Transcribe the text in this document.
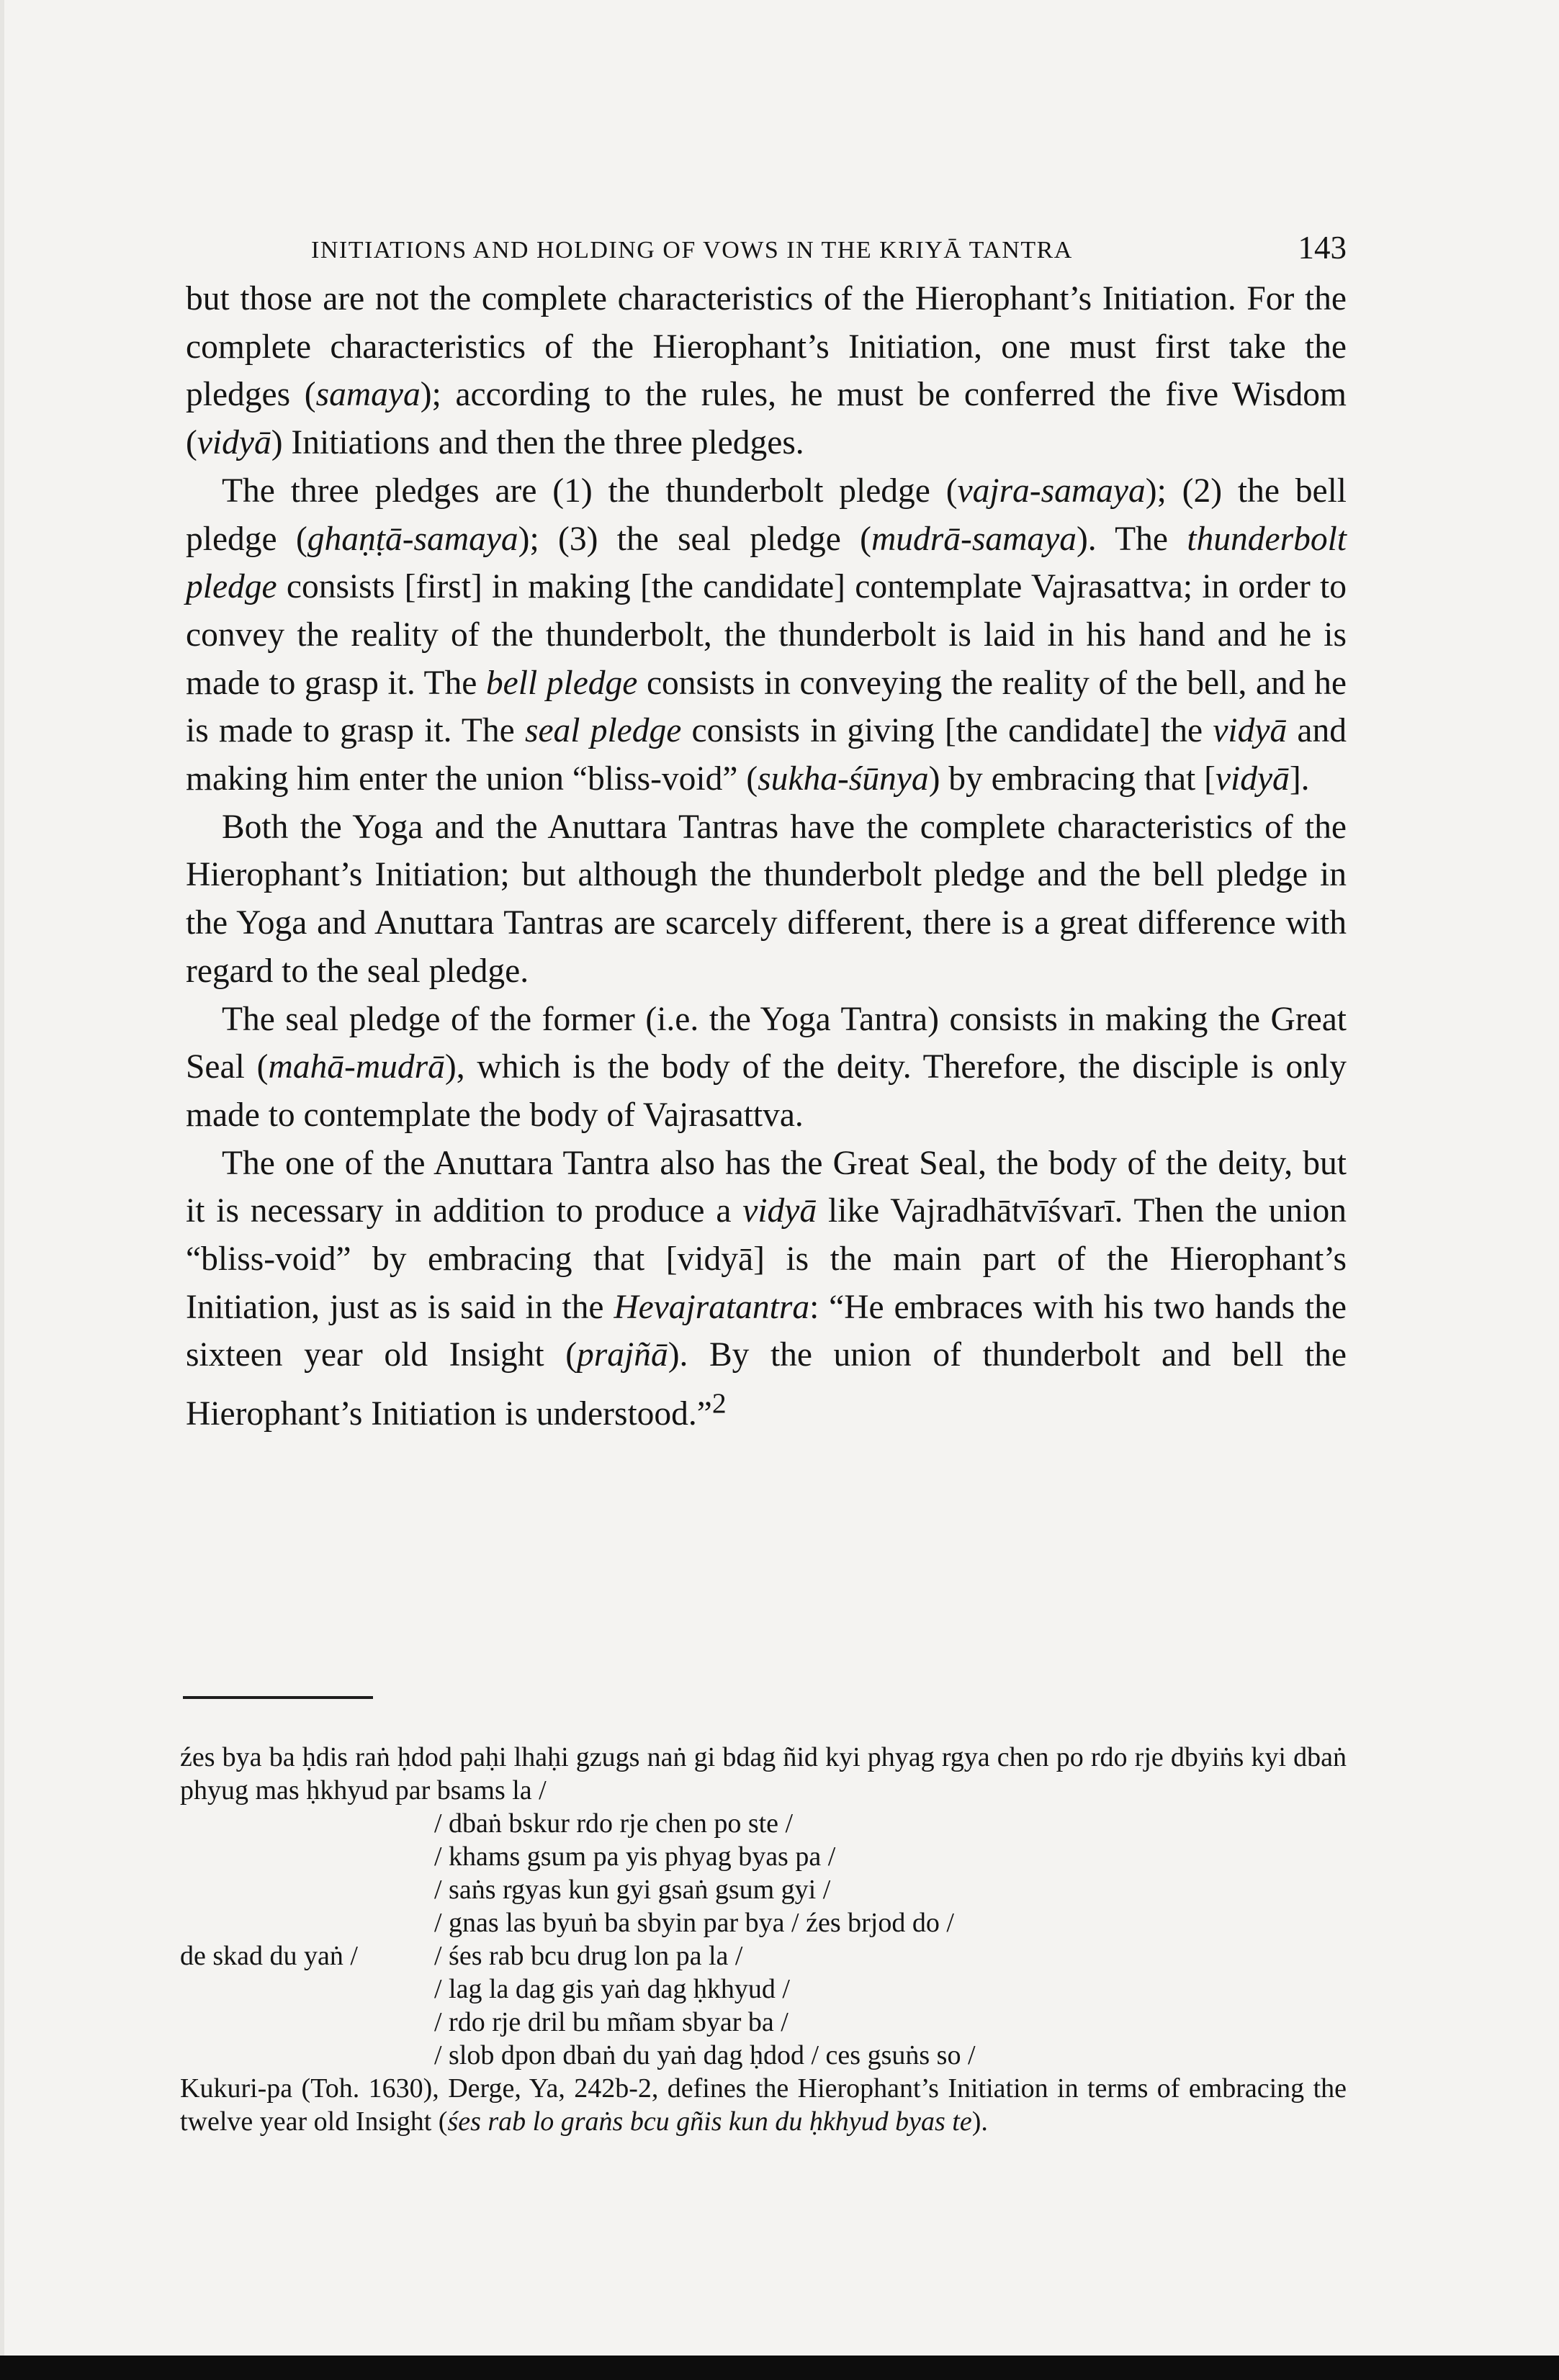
INITIATIONS AND HOLDING OF VOWS IN THE KRIYĀ TANTRA	143

but those are not the complete characteristics of the Hierophant’s Initiation. For the complete characteristics of the Hierophant’s Initiation, one must first take the pledges (samaya); according to the rules, he must be conferred the five Wisdom (vidyā) Initiations and then the three pledges.

The three pledges are (1) the thunderbolt pledge (vajra-samaya); (2) the bell pledge (ghaṇṭā-samaya); (3) the seal pledge (mudrā-samaya). The thunderbolt pledge consists [first] in making [the candidate] contemplate Vajrasattva; in order to convey the reality of the thunderbolt, the thunderbolt is laid in his hand and he is made to grasp it. The bell pledge consists in conveying the reality of the bell, and he is made to grasp it. The seal pledge consists in giving [the candidate] the vidyā and making him enter the union “bliss-void” (sukha-śūnya) by embracing that [vidyā].

Both the Yoga and the Anuttara Tantras have the complete characteristics of the Hierophant’s Initiation; but although the thunderbolt pledge and the bell pledge in the Yoga and Anuttara Tantras are scarcely different, there is a great difference with regard to the seal pledge.

The seal pledge of the former (i.e. the Yoga Tantra) consists in making the Great Seal (mahā-mudrā), which is the body of the deity. Therefore, the disciple is only made to contemplate the body of Vajrasattva.

The one of the Anuttara Tantra also has the Great Seal, the body of the deity, but it is necessary in addition to produce a vidyā like Vajradhātvīśvarī. Then the union “bliss-void” by embracing that [vidyā] is the main part of the Hierophant’s Initiation, just as is said in the Hevajratantra: “He embraces with his two hands the sixteen year old Insight (prajñā). By the union of thunderbolt and bell the Hierophant’s Initiation is understood.”$^2$

źes bya ba ḥdis raṅ ḥdod paḥi lhaḥi gzugs naṅ gi bdag ñid kyi phyag rgya chen po rdo rje dbyiṅs kyi dbaṅ phyug mas ḥkhyud par bsams la /
/ dbaṅ bskur rdo rje chen po ste /
/ khams gsum pa yis phyag byas pa /
/ saṅs rgyas kun gyi gsaṅ gsum gyi /
/ gnas las byuṅ ba sbyin par bya / źes brjod do /
de skad du yaṅ /	/ śes rab bcu drug lon pa la /
/ lag la dag gis yaṅ dag ḥkhyud /
/ rdo rje dril bu mñam sbyar ba /
/ slob dpon dbaṅ du yaṅ dag ḥdod / ces gsuṅs so /
Kukuri-pa (Toh. 1630), Derge, Ya, 242b-2, defines the Hierophant’s Initiation in terms of embracing the twelve year old Insight (śes rab lo graṅs bcu gñis kun du ḥkhyud byas te).
